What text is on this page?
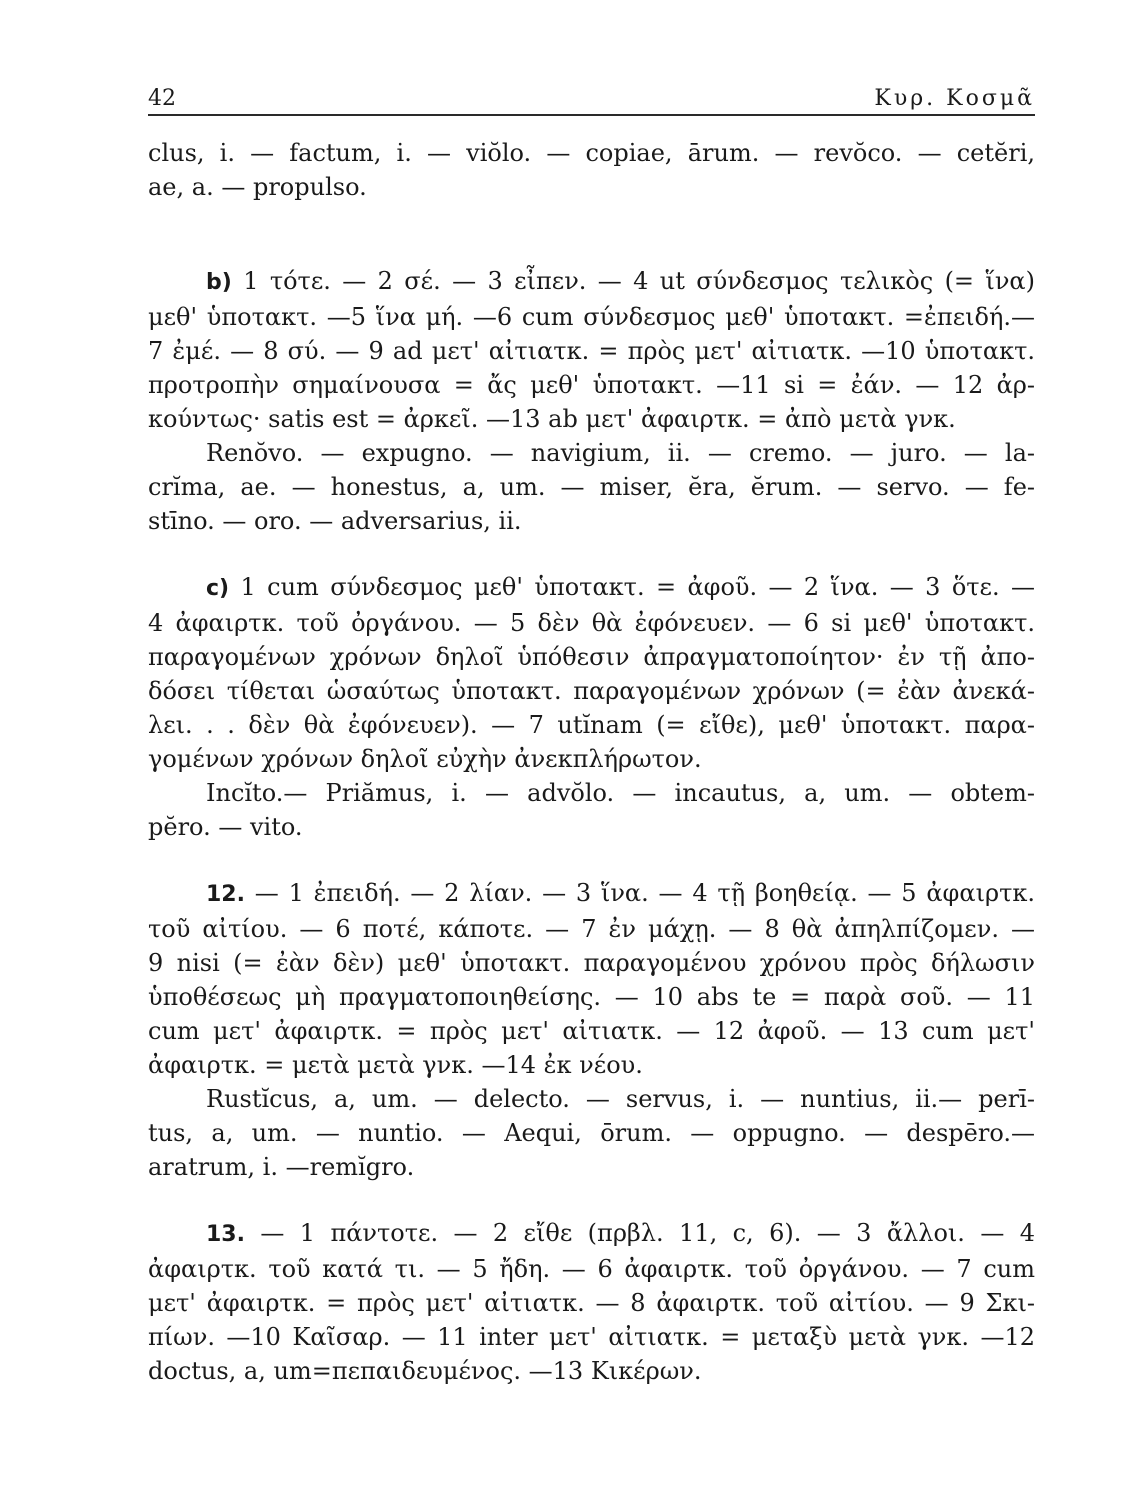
42	Κυρ. Κοσμᾶ
clus, i. — factum, i. — viŏlo. — copiae, ārum. — revŏco. — cetĕri,
ae, a. — propulso.
b) 1 τότε. — 2 σέ. — 3 εἶπεν. — 4 ut σύνδεσμος τελικὸς (= ἵνα)
μεθ' ὑποτακτ. —5 ἵνα μή. —6 cum σύνδεσμος μεθ' ὑποτακτ. =ἐπειδή.—
7 ἐμέ. — 8 σύ. — 9 ad μετ' αἰτιατκ. = πρὸς μετ' αἰτιατκ. —10 ὑποτακτ.
προτροπὴν σημαίνουσα = ἄς μεθ' ὑποτακτ. —11 si = ἐάν. — 12 ἀρ-
κούντως· satis est = ἀρκεῖ. —13 ab μετ' ἀφαιρτκ. = ἀπὸ μετὰ γνκ.
Renŏvo. — expugno. — navigium, ii. — cremo. — juro. — la-
crĭma, ae. — honestus, a, um. — miser, ĕra, ĕrum. — servo. — fe-
stīno. — oro. — adversarius, ii.
c) 1 cum σύνδεσμος μεθ' ὑποτακτ. = ἀφοῦ. — 2 ἵνα. — 3 ὅτε. —
4 ἀφαιρτκ. τοῦ ὀργάνου. — 5 δὲν θὰ ἐφόνευεν. — 6 si μεθ' ὑποτακτ.
παραγομένων χρόνων δηλοῖ ὑπόθεσιν ἀπραγματοποίητον· ἐν τῇ ἀπο-
δόσει τίθεται ὡσαύτως ὑποτακτ. παραγομένων χρόνων (= ἐὰν ἀνεκά-
λει. . . δὲν θὰ ἐφόνευεν). — 7 utĭnam (= εἴθε), μεθ' ὑποτακτ. παρα-
γομένων χρόνων δηλοῖ εὐχὴν ἀνεκπλήρωτον.
Incĭto.— Priămus, i. — advŏlo. — incautus, a, um. — obtem-
pĕro. — vito.
12. — 1 ἐπειδή. — 2 λίαν. — 3 ἵνα. — 4 τῇ βοηθείᾳ. — 5 ἀφαιρτκ.
τοῦ αἰτίου. — 6 ποτέ, κάποτε. — 7 ἐν μάχῃ. — 8 θὰ ἀπηλπίζομεν. —
9 nisi (= ἐὰν δὲν) μεθ' ὑποτακτ. παραγομένου χρόνου πρὸς δήλωσιν
ὑποθέσεως μὴ πραγματοποιηθείσης. — 10 abs te = παρὰ σοῦ. — 11
cum μετ' ἀφαιρτκ. = πρὸς μετ' αἰτιατκ. — 12 ἀφοῦ. — 13 cum μετ'
ἀφαιρτκ. = μετὰ μετὰ γνκ. —14 ἐκ νέου.
Rustĭcus, a, um. — delecto. — servus, i. — nuntius, ii.— perī-
tus, a, um. — nuntio. — Aequi, ōrum. — oppugno. — despēro.—
aratrum, i. —remĭgro.
13. — 1 πάντοτε. — 2 εἴθε (πρβλ. 11, c, 6). — 3 ἄλλοι. — 4
ἀφαιρτκ. τοῦ κατά τι. — 5 ἤδη. — 6 ἀφαιρτκ. τοῦ ὀργάνου. — 7 cum
μετ' ἀφαιρτκ. = πρὸς μετ' αἰτιατκ. — 8 ἀφαιρτκ. τοῦ αἰτίου. — 9 Σκι-
πίων. —10 Καῖσαρ. — 11 inter μετ' αἰτιατκ. = μεταξὺ μετὰ γνκ. —12
doctus, a, um=πεπαιδευμένος. —13 Κικέρων.
